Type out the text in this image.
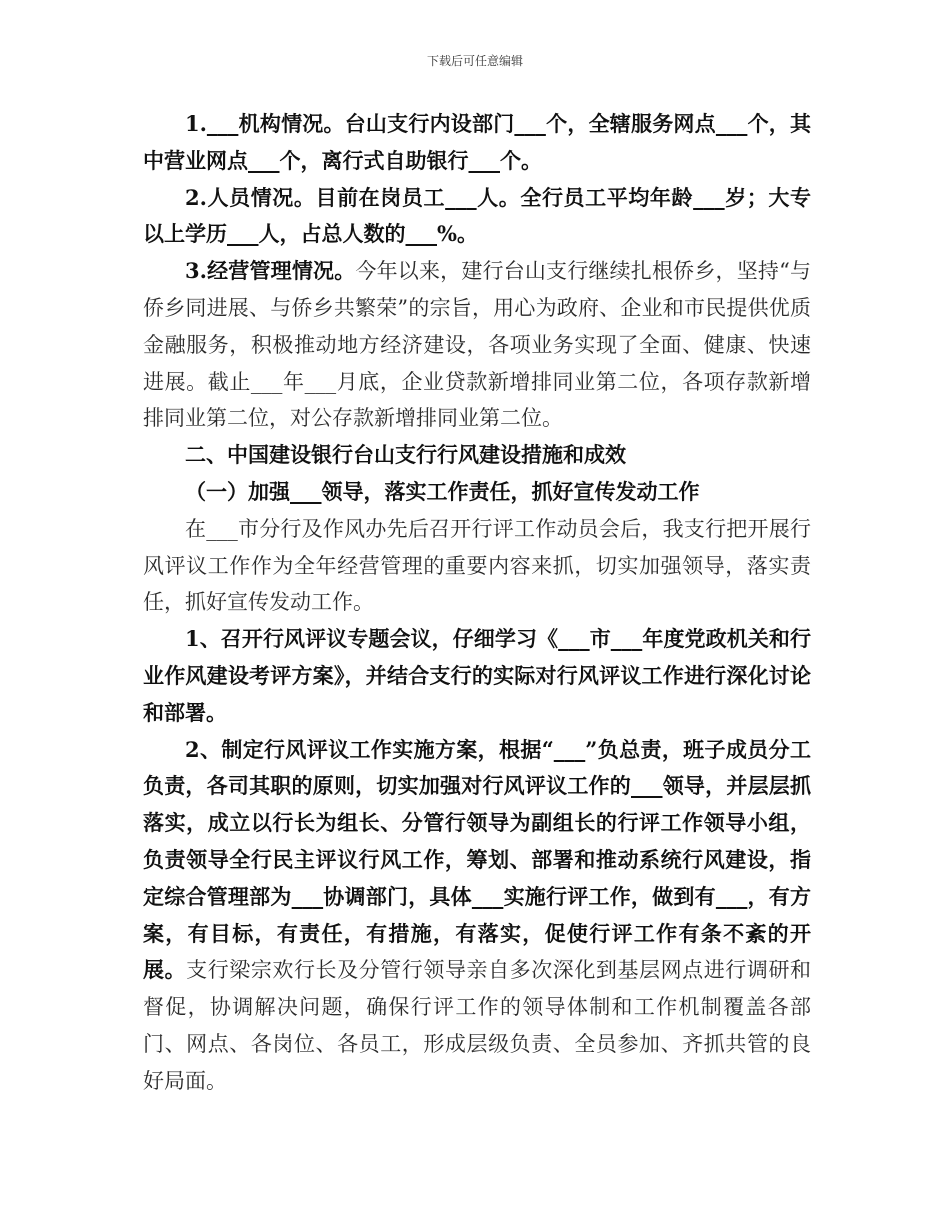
下载后可任意编辑

1.___机构情况。台山支行内设部门___个，全辖服务网点___个，其中营业网点___个，离行式自助银行___个。

2.人员情况。目前在岗员工___人。全行员工平均年龄___岁；大专以上学历___人，占总人数的___%。

3.经营管理情况。今年以来，建行台山支行继续扎根侨乡，坚持“与侨乡同进展、与侨乡共繁荣”的宗旨，用心为政府、企业和市民提供优质金融服务，积极推动地方经济建设，各项业务实现了全面、健康、快速进展。截止___年___月底，企业贷款新增排同业第二位，各项存款新增排同业第二位，对公存款新增排同业第二位。

二、中国建设银行台山支行行风建设措施和成效

（一）加强___领导，落实工作责任，抓好宣传发动工作

在___市分行及作风办先后召开行评工作动员会后，我支行把开展行风评议工作作为全年经营管理的重要内容来抓，切实加强领导，落实责任，抓好宣传发动工作。

1、召开行风评议专题会议，仔细学习《___市___年度党政机关和行业作风建设考评方案》，并结合支行的实际对行风评议工作进行深化讨论和部署。

2、制定行风评议工作实施方案，根据“___”负总责，班子成员分工负责，各司其职的原则，切实加强对行风评议工作的___领导，并层层抓落实，成立以行长为组长、分管行领导为副组长的行评工作领导小组，负责领导全行民主评议行风工作，筹划、部署和推动系统行风建设，指定综合管理部为___协调部门，具体___实施行评工作，做到有___，有方案，有目标，有责任，有措施，有落实，促使行评工作有条不紊的开展。支行梁宗欢行长及分管行领导亲自多次深化到基层网点进行调研和督促，协调解决问题，确保行评工作的领导体制和工作机制覆盖各部门、网点、各岗位、各员工，形成层级负责、全员参加、齐抓共管的良好局面。
